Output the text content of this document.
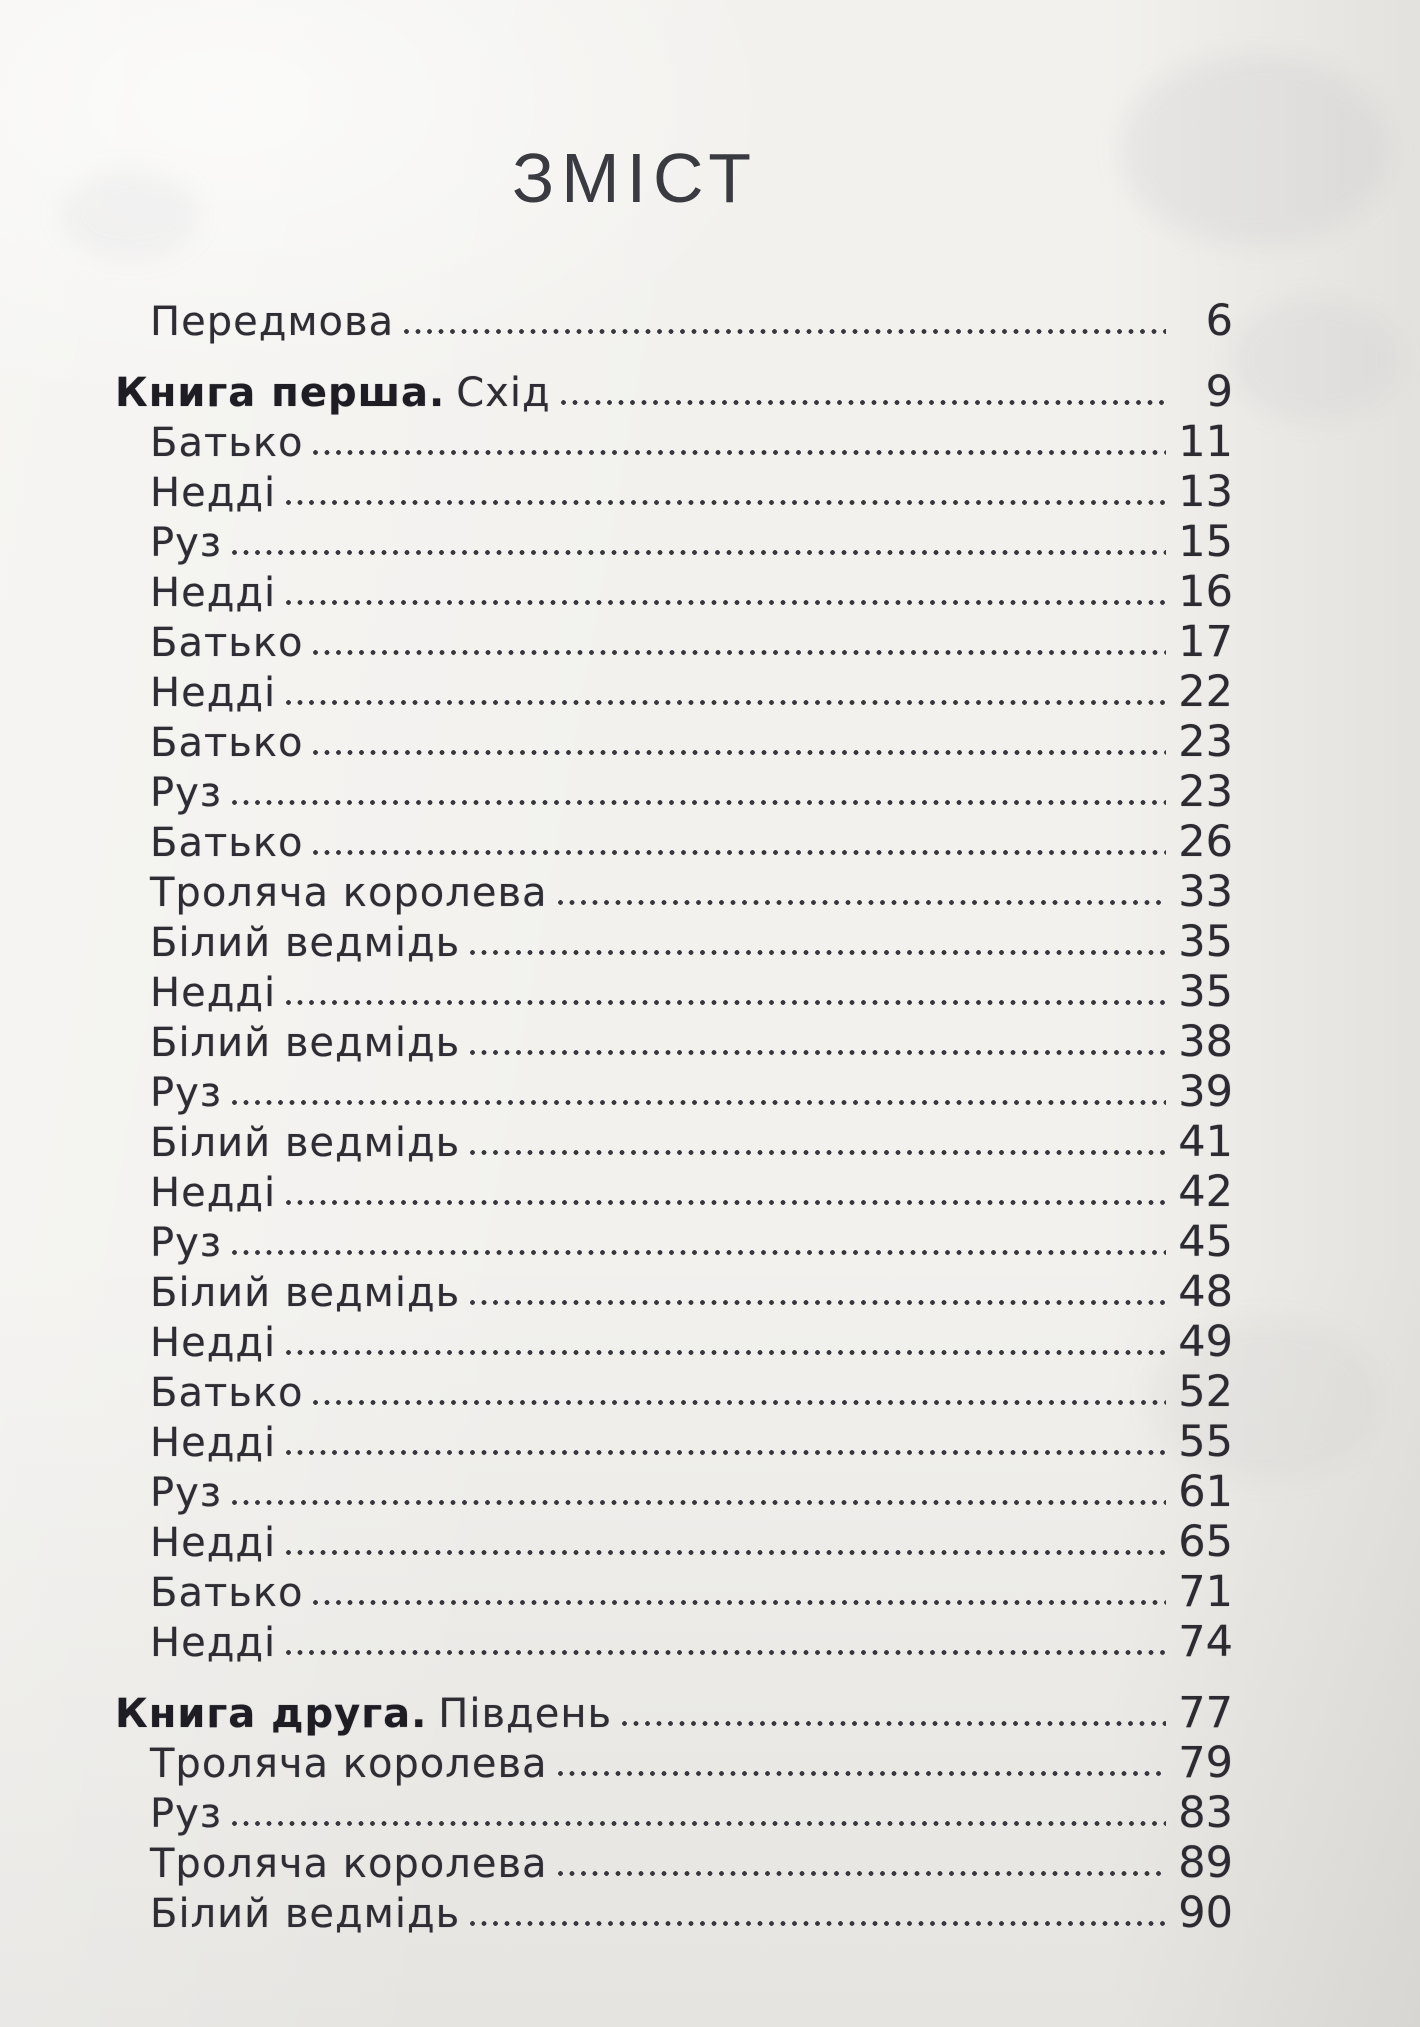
ЗМІСТ
Передмова	6
Книга перша. Схід	9
Батько	11
Недді	13
Руз	15
Недді	16
Батько	17
Недді	22
Батько	23
Руз	23
Батько	26
Троляча королева	33
Білий ведмідь	35
Недді	35
Білий ведмідь	38
Руз	39
Білий ведмідь	41
Недді	42
Руз	45
Білий ведмідь	48
Недді	49
Батько	52
Недді	55
Руз	61
Недді	65
Батько	71
Недді	74
Книга друга. Південь	77
Троляча королева	79
Руз	83
Троляча королева	89
Білий ведмідь	90
